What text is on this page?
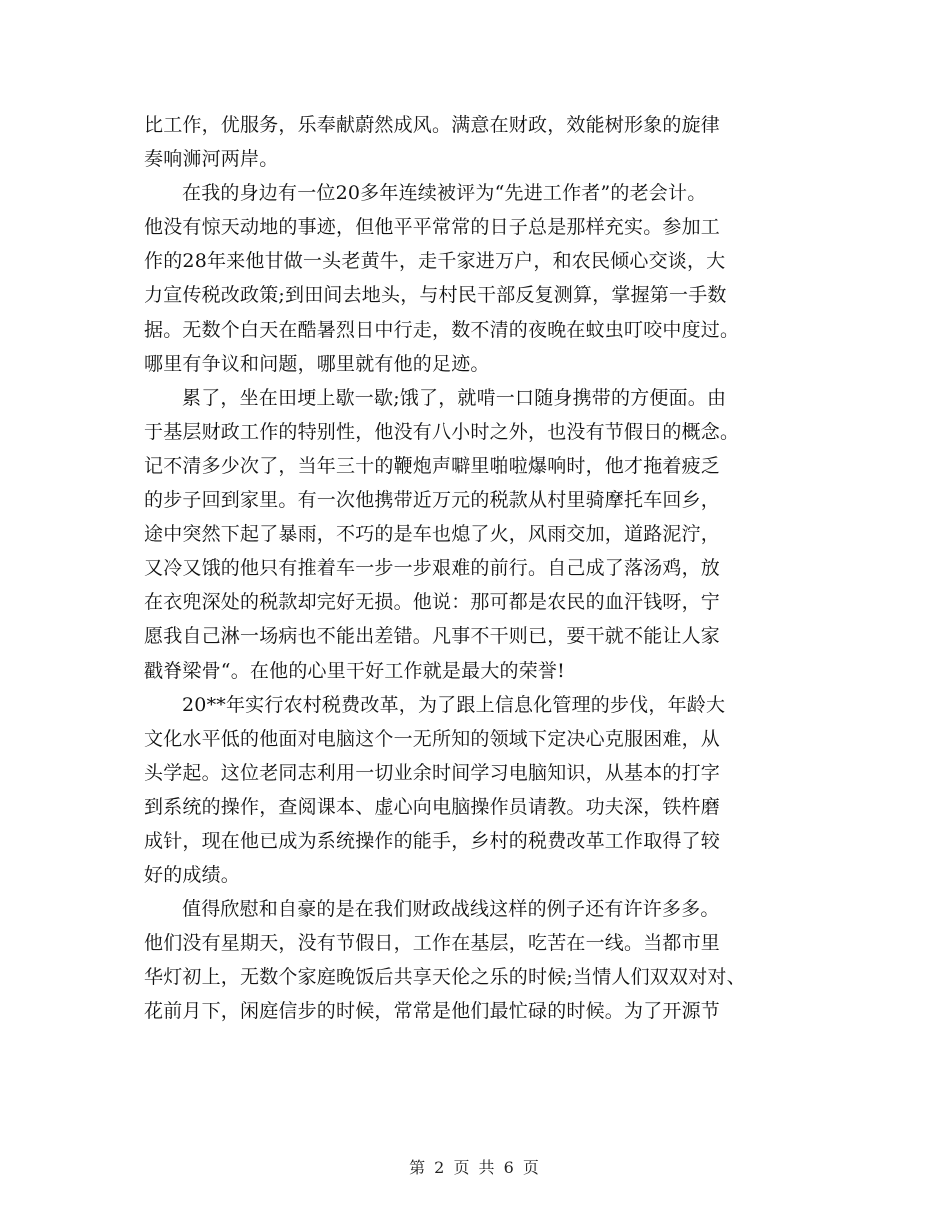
比工作，优服务，乐奉献蔚然成风。满意在财政，效能树形象的旋律
奏响浉河两岸。
在我的身边有一位20多年连续被评为“先进工作者”的老会计。
他没有惊天动地的事迹，但他平平常常的日子总是那样充实。参加工
作的28年来他甘做一头老黄牛，走千家进万户，和农民倾心交谈，大
力宣传税改政策;到田间去地头，与村民干部反复测算，掌握第一手数
据。无数个白天在酷暑烈日中行走，数不清的夜晚在蚊虫叮咬中度过。
哪里有争议和问题，哪里就有他的足迹。
累了，坐在田埂上歇一歇;饿了，就啃一口随身携带的方便面。由
于基层财政工作的特别性，他没有八小时之外，也没有节假日的概念。
记不清多少次了，当年三十的鞭炮声噼里啪啦爆响时，他才拖着疲乏
的步子回到家里。有一次他携带近万元的税款从村里骑摩托车回乡，
途中突然下起了暴雨，不巧的是车也熄了火，风雨交加，道路泥泞，
又冷又饿的他只有推着车一步一步艰难的前行。自己成了落汤鸡，放
在衣兜深处的税款却完好无损。他说：那可都是农民的血汗钱呀，宁
愿我自己淋一场病也不能出差错。凡事不干则已，要干就不能让人家
戳脊梁骨“。在他的心里干好工作就是最大的荣誉!
20**年实行农村税费改革，为了跟上信息化管理的步伐，年龄大
文化水平低的他面对电脑这个一无所知的领域下定决心克服困难，从
头学起。这位老同志利用一切业余时间学习电脑知识，从基本的打字
到系统的操作，查阅课本、虚心向电脑操作员请教。功夫深，铁杵磨
成针，现在他已成为系统操作的能手，乡村的税费改革工作取得了较
好的成绩。
值得欣慰和自豪的是在我们财政战线这样的例子还有许许多多。
他们没有星期天，没有节假日，工作在基层，吃苦在一线。当都市里
华灯初上，无数个家庭晚饭后共享天伦之乐的时候;当情人们双双对对、
花前月下，闲庭信步的时候，常常是他们最忙碌的时候。为了开源节
第 2 页 共 6 页
